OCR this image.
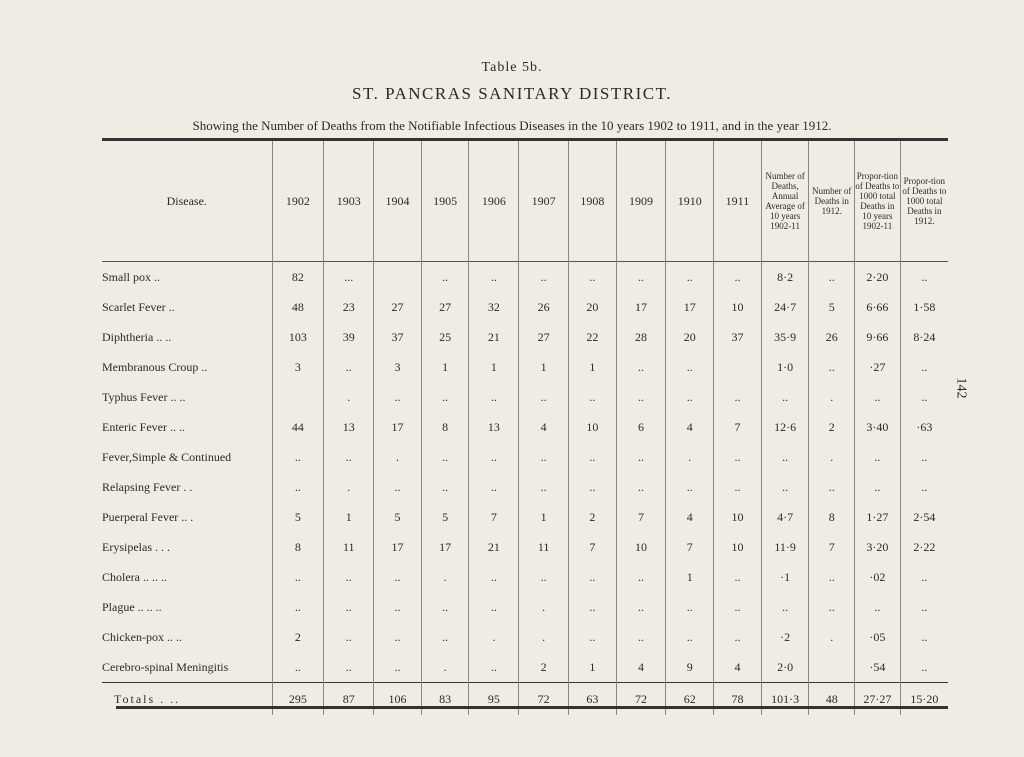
Table 5b.
ST. PANCRAS SANITARY DISTRICT.
Showing the Number of Deaths from the Notifiable Infectious Diseases in the 10 years 1902 to 1911, and in the year 1912.
142
Disease.	1902	1903	1904	1905	1906	1907	1908	1909	1910	1911	Number of Deaths, Annual Average of 10 years 1902-11	Number of Deaths in 1912.	Propor-tion of Deaths to 1000 total Deaths in 10 years 1902-11	Propor-tion of Deaths to 1000 total Deaths in 1912.
Small pox ..	82	...		..	..	..	..	..	..	..	8·2	..	2·20	..
Scarlet Fever ..	48	23	27	27	32	26	20	17	17	10	24·7	5	6·66	1·58
Diphtheria .. ..	103	39	37	25	21	27	22	28	20	37	35·9	26	9·66	8·24
Membranous Croup ..	3	..	3	1	1	1	1	..	..		1·0	..	·27	..
Typhus Fever .. ..		.	..	..	..	..	..	..	..	..	..	.	..	..
Enteric Fever .. ..	44	13	17	8	13	4	10	6	4	7	12·6	2	3·40	·63
Fever,Simple & Continued	..	..	.	..	..	..	..	..	.	..	..	.	..	..
Relapsing Fever . .	..	.	..	..	..	..	..	..	..	..	..	..	..	..
Puerperal Fever .. .	5	1	5	5	7	1	2	7	4	10	4·7	8	1·27	2·54
Erysipelas . . .	8	11	17	17	21	11	7	10	7	10	11·9	7	3·20	2·22
Cholera .. .. ..	..	..	..	.	..	..	..	..	1	..	·1	..	·02	..
Plague .. .. ..	..	..	..	..	..	.	..	..	..	..	..	..	..	..
Chicken-pox .. ..	2	..	..	..	.	.	..	..	..	..	·2	.	·05	..
Cerebro-spinal Meningitis	..	..	..	.	..	2	1	4	9	4	2·0		·54	..
Totals . ..	295	87	106	83	95	72	63	72	62	78	101·3	48	27·27	15·20
